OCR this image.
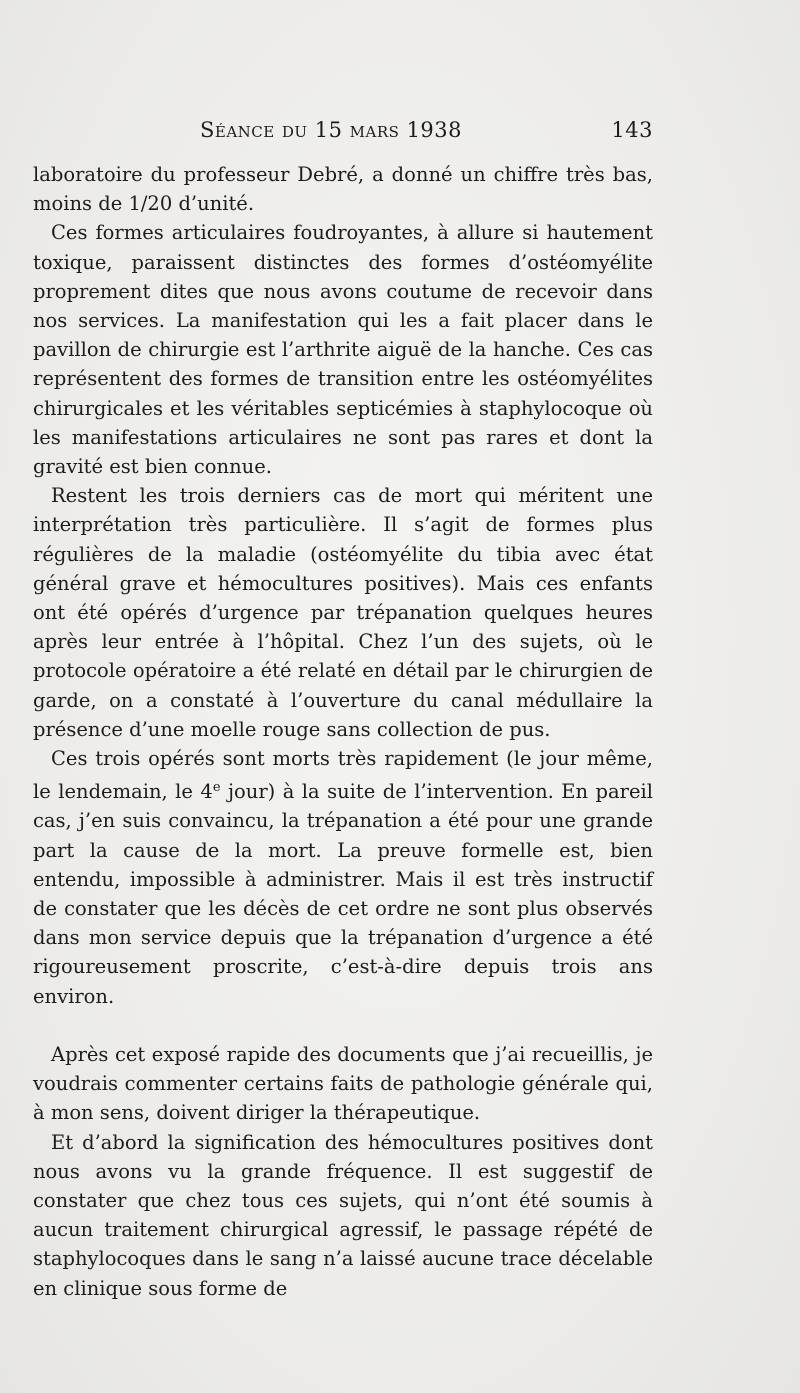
Séance du 15 mars 1938	143

laboratoire du professeur Debré, a donné un chiffre très bas, moins de 1/20 d’unité.

Ces formes articulaires foudroyantes, à allure si hautement toxique, paraissent distinctes des formes d’ostéomyélite proprement dites que nous avons coutume de recevoir dans nos services. La manifestation qui les a fait placer dans le pavillon de chirurgie est l’arthrite aiguë de la hanche. Ces cas représentent des formes de transition entre les ostéomyélites chirurgicales et les véritables septicémies à staphylocoque où les manifestations articulaires ne sont pas rares et dont la gravité est bien connue.

Restent les trois derniers cas de mort qui méritent une interprétation très particulière. Il s’agit de formes plus régulières de la maladie (ostéomyélite du tibia avec état général grave et hémocultures positives). Mais ces enfants ont été opérés d’urgence par trépanation quelques heures après leur entrée à l’hôpital. Chez l’un des sujets, où le protocole opératoire a été relaté en détail par le chirurgien de garde, on a constaté à l’ouverture du canal médullaire la présence d’une moelle rouge sans collection de pus.

Ces trois opérés sont morts très rapidement (le jour même, le lendemain, le 4e jour) à la suite de l’intervention. En pareil cas, j’en suis convaincu, la trépanation a été pour une grande part la cause de la mort. La preuve formelle est, bien entendu, impossible à administrer. Mais il est très instructif de constater que les décès de cet ordre ne sont plus observés dans mon service depuis que la trépanation d’urgence a été rigoureusement proscrite, c’est-à-dire depuis trois ans environ.

Après cet exposé rapide des documents que j’ai recueillis, je voudrais commenter certains faits de pathologie générale qui, à mon sens, doivent diriger la thérapeutique.

Et d’abord la signification des hémocultures positives dont nous avons vu la grande fréquence. Il est suggestif de constater que chez tous ces sujets, qui n’ont été soumis à aucun traitement chirurgical agressif, le passage répété de staphylocoques dans le sang n’a laissé aucune trace décelable en clinique sous forme de
